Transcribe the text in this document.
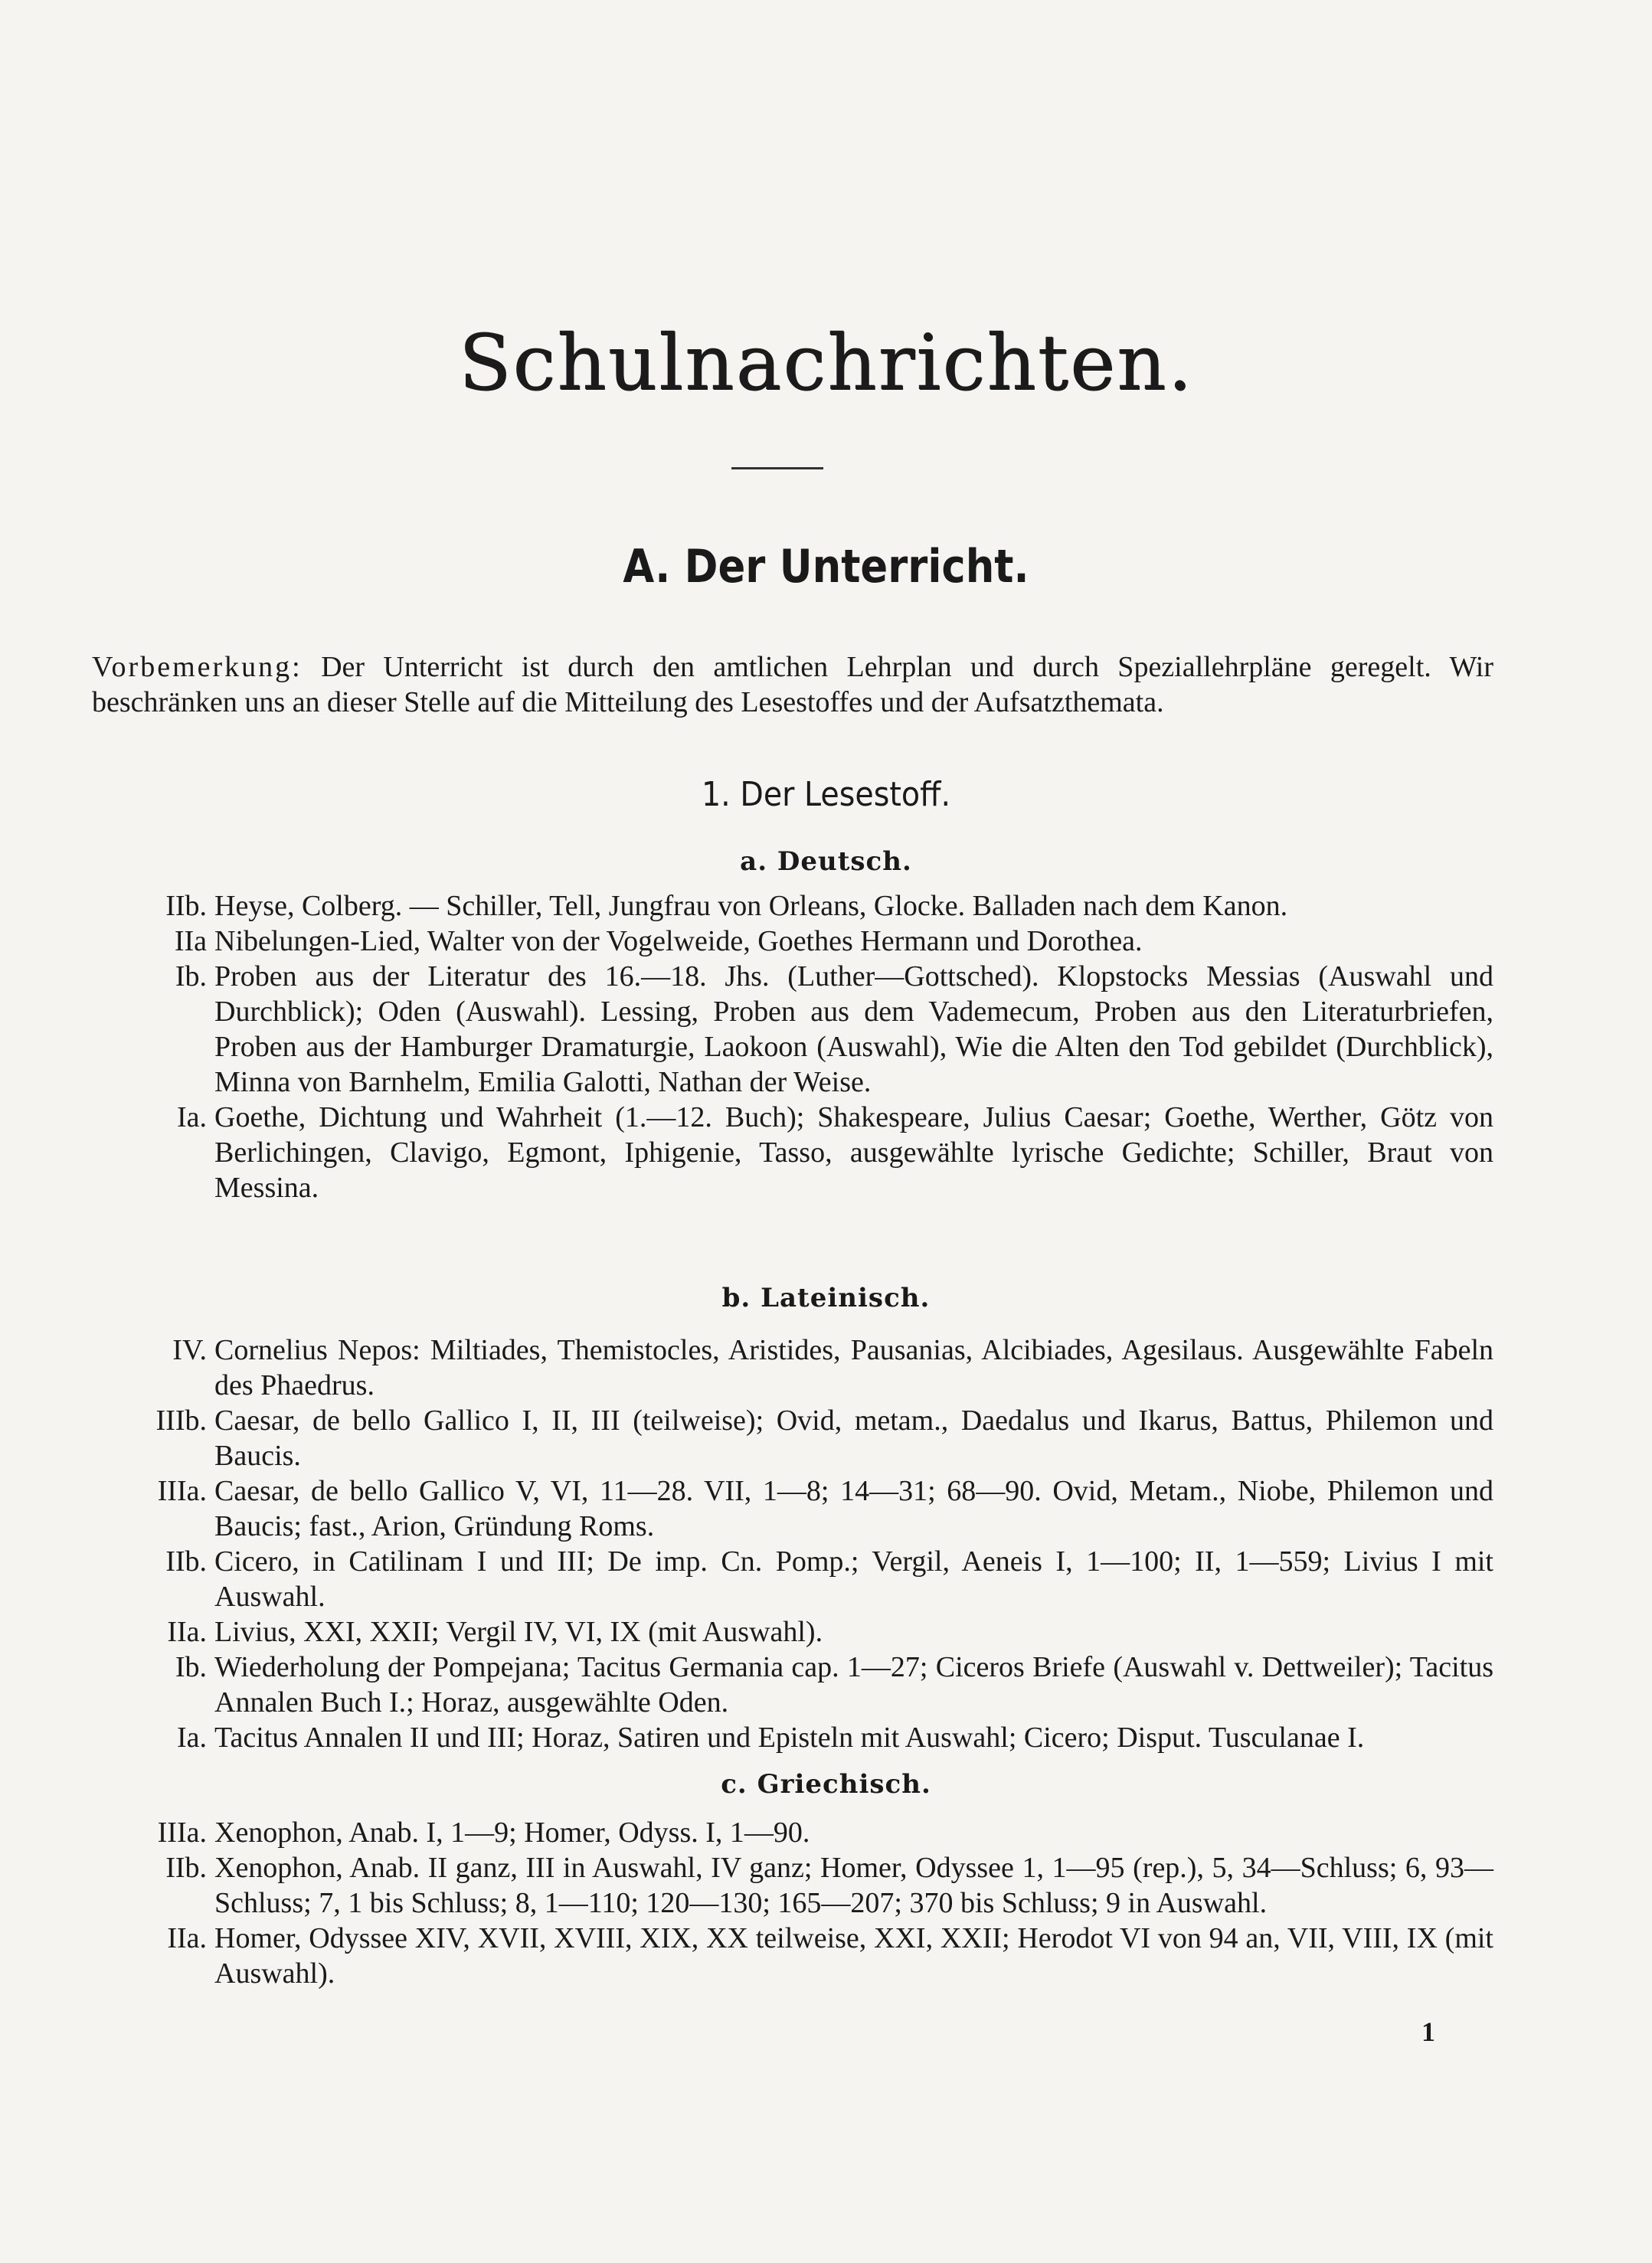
Schulnachrichten.
A. Der Unterricht.
Vorbemerkung: Der Unterricht ist durch den amtlichen Lehrplan und durch Speziallehrpläne geregelt. Wir beschränken uns an dieser Stelle auf die Mitteilung des Lesestoffes und der Aufsatzthemata.
1. Der Lesestoff.
a. Deutsch.
IIb. Heyse, Colberg. — Schiller, Tell, Jungfrau von Orleans, Glocke. Balladen nach dem Kanon.
IIa Nibelungen-Lied, Walter von der Vogelweide, Goethes Hermann und Dorothea.
Ib. Proben aus der Literatur des 16.—18. Jhs. (Luther—Gottsched). Klopstocks Messias (Auswahl und Durchblick); Oden (Auswahl). Lessing, Proben aus dem Vademecum, Proben aus den Literaturbriefen, Proben aus der Hamburger Dramaturgie, Laokoon (Auswahl), Wie die Alten den Tod gebildet (Durchblick), Minna von Barnhelm, Emilia Galotti, Nathan der Weise.
Ia. Goethe, Dichtung und Wahrheit (1.—12. Buch); Shakespeare, Julius Caesar; Goethe, Werther, Götz von Berlichingen, Clavigo, Egmont, Iphigenie, Tasso, ausgewählte lyrische Gedichte; Schiller, Braut von Messina.
b. Lateinisch.
IV. Cornelius Nepos: Miltiades, Themistocles, Aristides, Pausanias, Alcibiades, Agesilaus. Ausgewählte Fabeln des Phaedrus.
IIIb. Caesar, de bello Gallico I, II, III (teilweise); Ovid, metam., Daedalus und Ikarus, Battus, Philemon und Baucis.
IIIa. Caesar, de bello Gallico V, VI, 11—28. VII, 1—8; 14—31; 68—90. Ovid, Metam., Niobe, Philemon und Baucis; fast., Arion, Gründung Roms.
IIb. Cicero, in Catilinam I und III; De imp. Cn. Pomp.; Vergil, Aeneis I, 1—100; II, 1—559; Livius I mit Auswahl.
IIa. Livius, XXI, XXII; Vergil IV, VI, IX (mit Auswahl).
Ib. Wiederholung der Pompejana; Tacitus Germania cap. 1—27; Ciceros Briefe (Auswahl v. Dettweiler); Tacitus Annalen Buch I.; Horaz, ausgewählte Oden.
Ia. Tacitus Annalen II und III; Horaz, Satiren und Episteln mit Auswahl; Cicero; Disput. Tusculanae I.
c. Griechisch.
IIIa. Xenophon, Anab. I, 1—9; Homer, Odyss. I, 1—90.
IIb. Xenophon, Anab. II ganz, III in Auswahl, IV ganz; Homer, Odyssee 1, 1—95 (rep.), 5, 34—Schluss; 6, 93—Schluss; 7, 1 bis Schluss; 8, 1—110; 120—130; 165—207; 370 bis Schluss; 9 in Auswahl.
IIa. Homer, Odyssee XIV, XVII, XVIII, XIX, XX teilweise, XXI, XXII; Herodot VI von 94 an, VII, VIII, IX (mit Auswahl).
1
